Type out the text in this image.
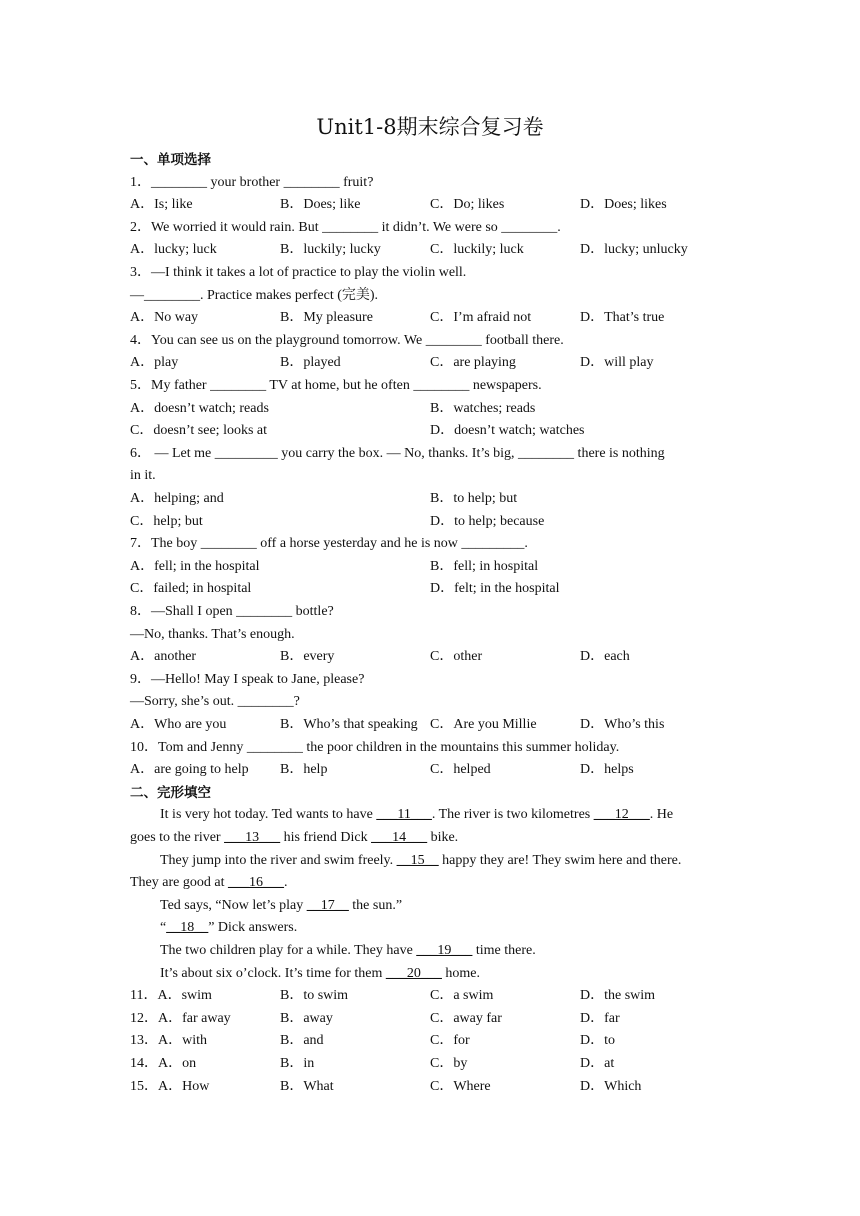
Unit1-8期末综合复习卷
一、单项选择
1．________ your brother ________ fruit?
A．Is; like	B．Does; like	C．Do; likes	D．Does; likes
2．We worried it would rain. But ________ it didn’t. We were so ________.
A．lucky; luck	B．luckily; lucky	C．luckily; luck	D．lucky; unlucky
3．—I think it takes a lot of practice to play the violin well.
—________. Practice makes perfect (完美).
A．No way	B．My pleasure	C．I’m afraid not	D．That’s true
4．You can see us on the playground tomorrow. We ________ football there.
A．play	B．played	C．are playing	D．will play
5．My father ________ TV at home, but he often ________ newspapers.
A．doesn’t watch; reads	B．watches; reads
C．doesn’t see; looks at	D．doesn’t watch; watches
6． — Let me _________ you carry the box. — No, thanks. It’s big, ________ there is nothing
in it.
A．helping; and	B．to help; but
C．help; but	D．to help; because
7．The boy ________ off a horse yesterday and he is now _________.
A．fell; in the hospital	B．fell; in hospital
C．failed; in hospital	D．felt; in the hospital
8．—Shall I open ________ bottle?
—No, thanks. That’s enough.
A．another	B．every	C．other	D．each
9．—Hello! May I speak to Jane, please?
—Sorry, she’s out. ________?
A．Who are you	B．Who’s that speaking C．Are you Millie	D．Who’s this
10．Tom and Jenny ________ the poor children in the mountains this summer holiday.
A．are going to help B．help	C．helped	D．helps
二、完形填空
It is very hot today. Ted wants to have ___11___. The river is two kilometres ___12___. He
goes to the river ___13___ his friend Dick ___14___ bike.
They jump into the river and swim freely. __15__ happy they are! They swim here and there.
They are good at ___16___.
Ted says, “Now let’s play __17__ the sun.”
“__18__” Dick answers.
The two children play for a while. They have ___19___ time there.
It’s about six o’clock. It’s time for them ___20___ home.
11．A．swim	B．to swim	C．a swim	D．the swim
12．A．far away	B．away	C．away far	D．far
13．A．with	B．and	C．for	D．to
14．A．on	B．in	C．by	D．at
15．A．How	B．What	C．Where	D．Which
